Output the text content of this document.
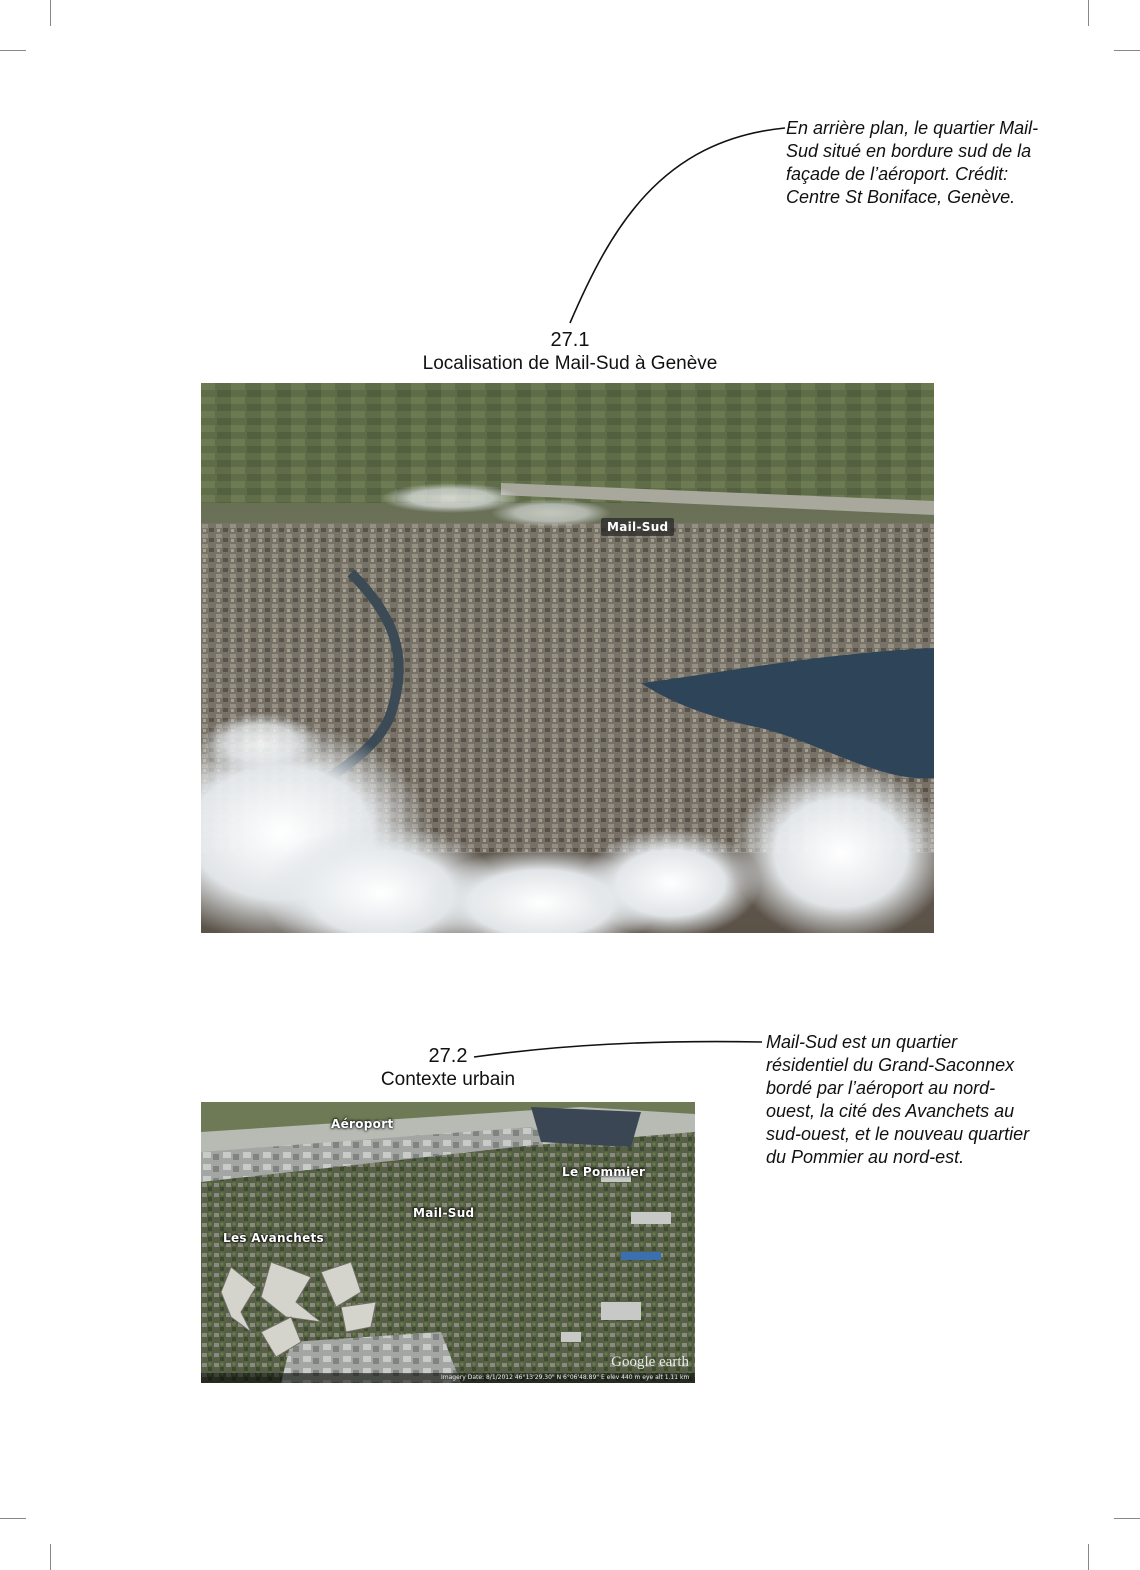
En arrière plan, le quartier Mail-Sud situé en bordure sud de la façade de l’aéroport. Crédit: Centre St Boniface, Genève.
27.1
Localisation de Mail-Sud à Genève
Mail-Sud
27.2
Contexte urbain
Mail-Sud est un quartier résidentiel du Grand-Saconnex bordé par l’aéroport au nord-ouest, la cité des Avanchets au sud-ouest, et le nouveau quartier du Pommier au nord-est.
Aéroport
Le Pommier
Mail-Sud
Les Avanchets
Google earth
Imagery Date: 8/1/2012 46°13'29.30" N 6°06'48.89" E elev 440 m eye alt 1.11 km
